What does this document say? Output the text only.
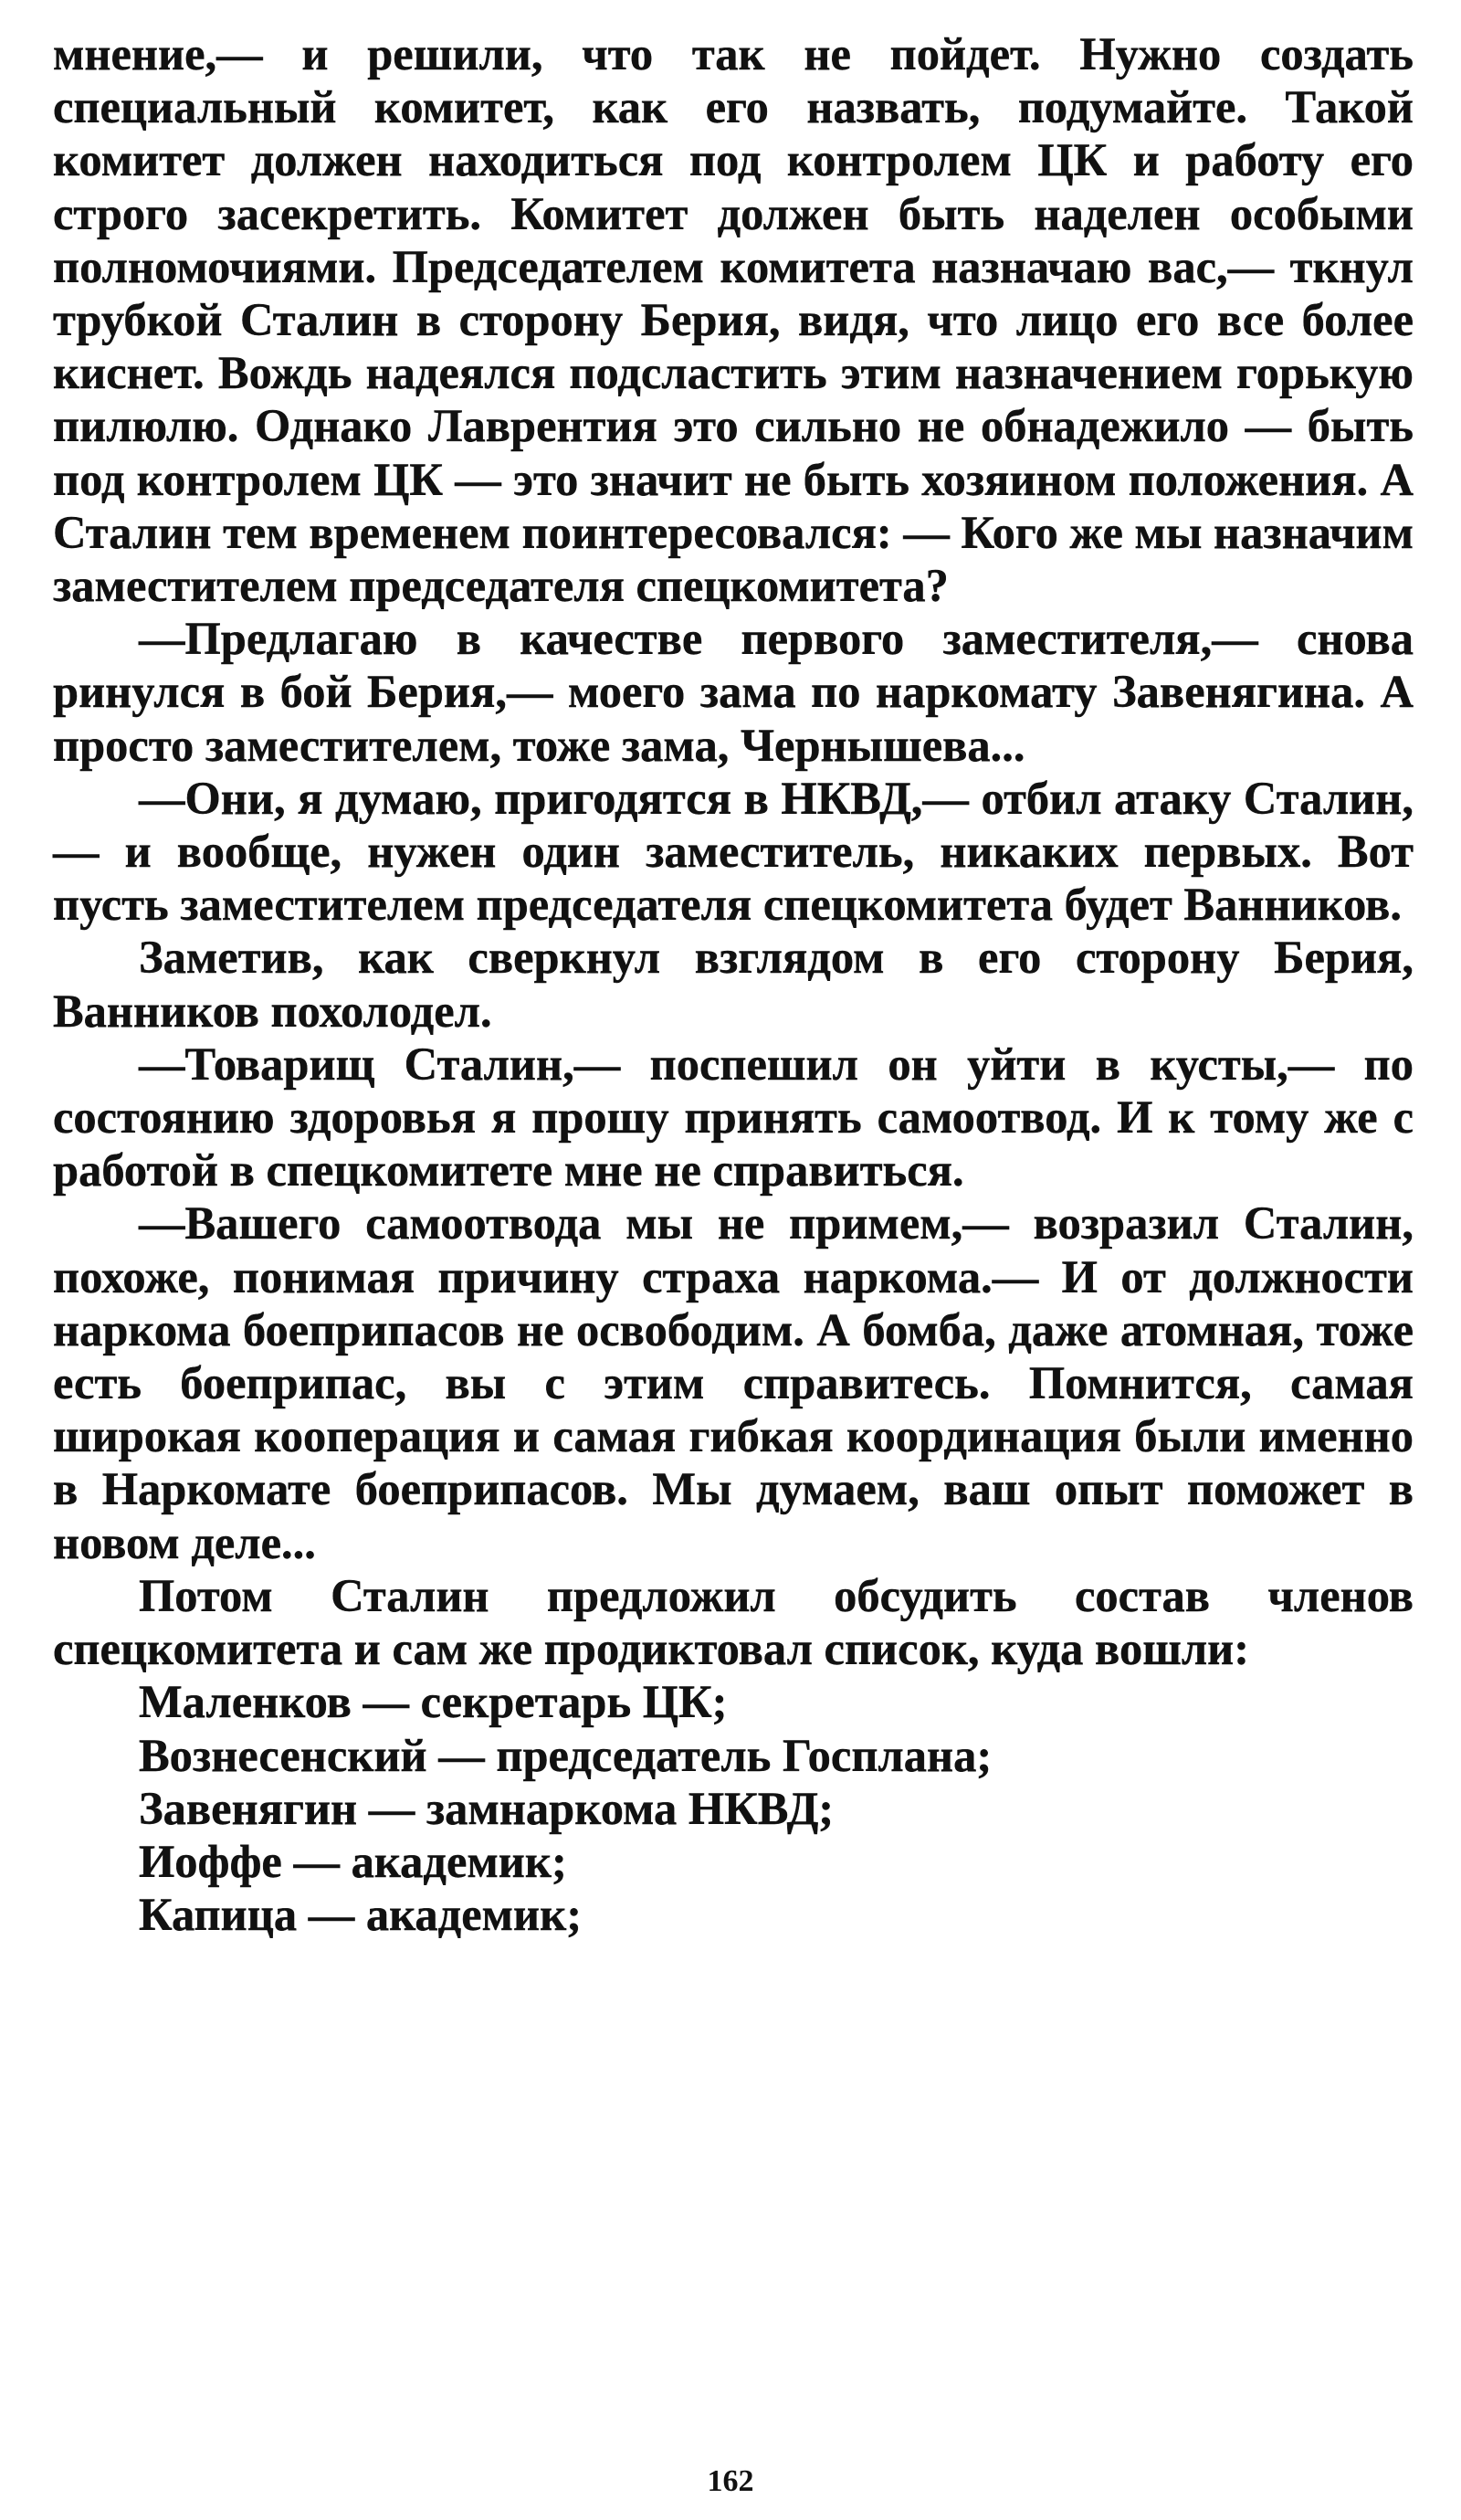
мнение,— и решили, что так не пойдет. Нужно создать специальный комитет, как его назвать, подумайте. Такой комитет должен находиться под контролем ЦК и работу его строго засекретить. Комитет должен быть наделен особыми полномочиями. Председателем комитета назначаю вас,— ткнул трубкой Сталин в сторону Берия, видя, что лицо его все более киснет. Вождь надеялся подсластить этим назначением горькую пилюлю. Однако Лаврентия это сильно не обнадежило — быть под контролем ЦК — это значит не быть хозяином положения. А Сталин тем временем поинтересовался: — Кого же мы назначим заместителем председателя спецкомитета?

—Предлагаю в качестве первого заместителя,— снова ринулся в бой Берия,— моего зама по наркомату Завенягина. А просто заместителем, тоже зама, Чернышева...

—Они, я думаю, пригодятся в НКВД,— отбил атаку Сталин,— и вообще, нужен один заместитель, никаких первых. Вот пусть заместителем председателя спецкомитета будет Ванников.

Заметив, как сверкнул взглядом в его сторону Берия, Ванников похолодел.

—Товарищ Сталин,— поспешил он уйти в кусты,— по состоянию здоровья я прошу принять самоотвод. И к тому же с работой в спецкомитете мне не справиться.

—Вашего самоотвода мы не примем,— возразил Сталин, похоже, понимая причину страха наркома.— И от должности наркома боеприпасов не освободим. А бомба, даже атомная, тоже есть боеприпас, вы с этим справитесь. Помнится, самая широкая кооперация и самая гибкая координация были именно в Наркомате боеприпасов. Мы думаем, ваш опыт поможет в новом деле...

Потом Сталин предложил обсудить состав членов спецкомитета и сам же продиктовал список, куда вошли:

Маленков — секретарь ЦК;
Вознесенский — председатель Госплана;
Завенягин — замнаркома НКВД;
Иоффе — академик;
Капица — академик;
162
